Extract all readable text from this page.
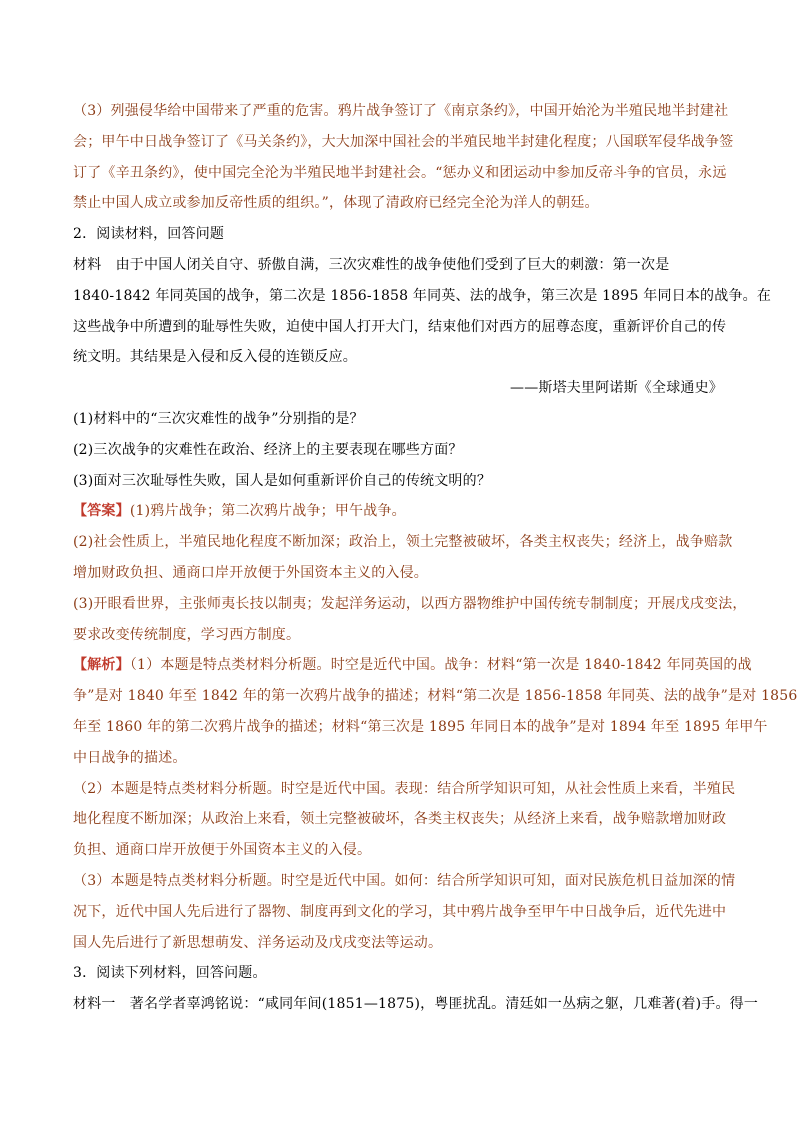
（3）列强侵华给中国带来了严重的危害。鸦片战争签订了《南京条约》，中国开始沦为半殖民地半封建社
会；甲午中日战争签订了《马关条约》，大大加深中国社会的半殖民地半封建化程度；八国联军侵华战争签
订了《辛丑条约》，使中国完全沦为半殖民地半封建社会。“惩办义和团运动中参加反帝斗争的官员，永远
禁止中国人成立或参加反帝性质的组织。”，体现了清政府已经完全沦为洋人的朝廷。
2．阅读材料，回答问题
材料　由于中国人闭关自守、骄傲自满，三次灾难性的战争使他们受到了巨大的刺激：第一次是
1840-1842 年同英国的战争，第二次是 1856-1858 年同英、法的战争，第三次是 1895 年同日本的战争。在
这些战争中所遭到的耻辱性失败，迫使中国人打开大门，结束他们对西方的屈尊态度，重新评价自己的传
统文明。其结果是入侵和反入侵的连锁反应。
——斯塔夫里阿诺斯《全球通史》
(1)材料中的“三次灾难性的战争”分别指的是？
(2)三次战争的灾难性在政治、经济上的主要表现在哪些方面？
(3)面对三次耻辱性失败，国人是如何重新评价自己的传统文明的？
【答案】(1)鸦片战争；第二次鸦片战争；甲午战争。
(2)社会性质上，半殖民地化程度不断加深；政治上，领土完整被破坏，各类主权丧失；经济上，战争赔款
增加财政负担、通商口岸开放便于外国资本主义的入侵。
(3)开眼看世界，主张师夷长技以制夷；发起洋务运动，以西方器物维护中国传统专制制度；开展戊戌变法，
要求改变传统制度，学习西方制度。
【解析】（1）本题是特点类材料分析题。时空是近代中国。战争：材料“第一次是 1840-1842 年同英国的战
争”是对 1840 年至 1842 年的第一次鸦片战争的描述；材料“第二次是 1856-1858 年同英、法的战争”是对 1856
年至 1860 年的第二次鸦片战争的描述；材料“第三次是 1895 年同日本的战争”是对 1894 年至 1895 年甲午
中日战争的描述。
（2）本题是特点类材料分析题。时空是近代中国。表现：结合所学知识可知，从社会性质上来看，半殖民
地化程度不断加深；从政治上来看，领土完整被破坏，各类主权丧失；从经济上来看，战争赔款增加财政
负担、通商口岸开放便于外国资本主义的入侵。
（3）本题是特点类材料分析题。时空是近代中国。如何：结合所学知识可知，面对民族危机日益加深的情
况下，近代中国人先后进行了器物、制度再到文化的学习，其中鸦片战争至甲午中日战争后，近代先进中
国人先后进行了新思想萌发、洋务运动及戊戌变法等运动。
3．阅读下列材料，回答问题。
材料一　著名学者辜鸿铭说：“咸同年间(1851—1875)，粤匪扰乱。清廷如一丛病之躯，几难著(着)手。得一
